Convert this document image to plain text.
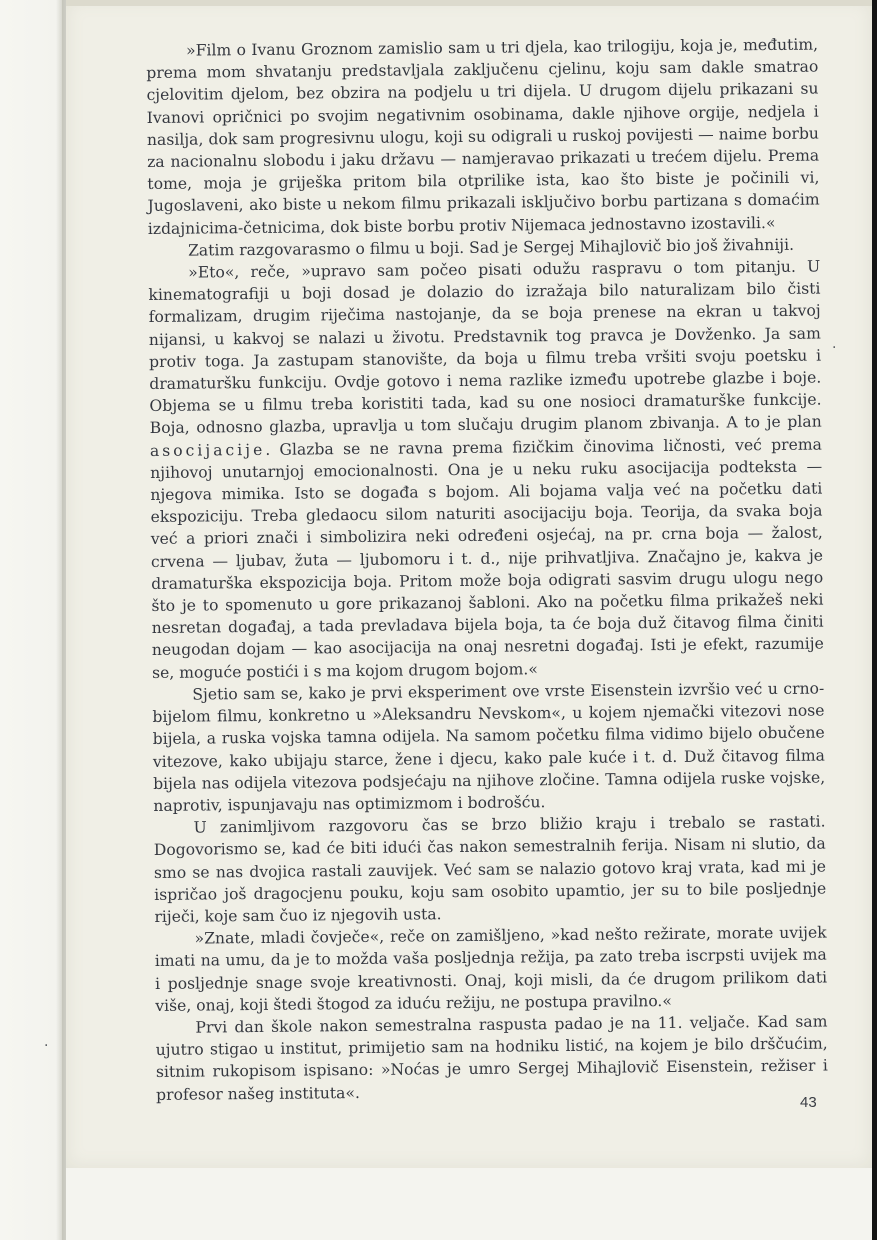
·
·

»Film o Ivanu Groznom zamislio sam u tri djela, kao trilogiju, koja je, međutim, prema mom shvatanju predstavljala zaključenu cjelinu, koju sam dakle smatrao cjelovitim djelom, bez obzira na podjelu u tri dijela. U drugom dijelu prikazani su Ivanovi opričnici po svojim negativnim osobinama, dakle njihove orgije, nedjela i nasilja, dok sam progresivnu ulogu, koji su odigrali u ruskoj povijesti — naime borbu za nacionalnu slobodu i jaku državu — namjeravao prikazati u trećem dijelu. Prema tome, moja je griješka pritom bila otprilike ista, kao što biste je počinili vi, Jugoslaveni, ako biste u nekom filmu prikazali isključivo borbu partizana s domaćim izdajnicima-četnicima, dok biste borbu protiv Nijemaca jednostavno izostavili.«

Zatim razgovarasmo o filmu u boji. Sad je Sergej Mihajlovič bio još živahniji.

»Eto«, reče, »upravo sam počeo pisati odužu raspravu o tom pitanju. U kinematografiji u boji dosad je dolazio do izražaja bilo naturalizam bilo čisti formalizam, drugim riječima nastojanje, da se boja prenese na ekran u takvoj nijansi, u kakvoj se nalazi u životu. Predstavnik tog pravca je Dovženko. Ja sam protiv toga. Ja zastupam stanovište, da boja u filmu treba vršiti svoju poetsku i dramaturšku funkciju. Ovdje gotovo i nema razlike između upotrebe glazbe i boje. Objema se u filmu treba koristiti tada, kad su one nosioci dramaturške funkcije. Boja, odnosno glazba, upravlja u tom slučaju drugim planom zbivanja. A to je plan asocijacije. Glazba se ne ravna prema fizičkim činovima ličnosti, već prema njihovoj unutarnjoj emocionalnosti. Ona je u neku ruku asocijacija podteksta — njegova mimika. Isto se događa s bojom. Ali bojama valja već na početku dati ekspoziciju. Treba gledaocu silom naturiti asocijaciju boja. Teorija, da svaka boja već a priori znači i simbolizira neki određeni osjećaj, na pr. crna boja — žalost, crvena — ljubav, žuta — ljubomoru i t. d., nije prihvatljiva. Značajno je, kakva je dramaturška ekspozicija boja. Pritom može boja odigrati sasvim drugu ulogu nego što je to spomenuto u gore prikazanoj šabloni. Ako na početku filma prikažeš neki nesretan događaj, a tada prevladava bijela boja, ta će boja duž čitavog filma činiti neugodan dojam — kao asocijacija na onaj nesretni događaj. Isti je efekt, razumije se, moguće postići i s ma kojom drugom bojom.«

Sjetio sam se, kako je prvi eksperiment ove vrste Eisenstein izvršio već u crno-bijelom filmu, konkretno u »Aleksandru Nevskom«, u kojem njemački vitezovi nose bijela, a ruska vojska tamna odijela. Na samom početku filma vidimo bijelo obučene vitezove, kako ubijaju starce, žene i djecu, kako pale kuće i t. d. Duž čitavog filma bijela nas odijela vitezova podsjećaju na njihove zločine. Tamna odijela ruske vojske, naprotiv, ispunjavaju nas optimizmom i bodrošću.

U zanimljivom razgovoru čas se brzo bližio kraju i trebalo se rastati. Dogovorismo se, kad će biti idući čas nakon semestralnih ferija. Nisam ni slutio, da smo se nas dvojica rastali zauvijek. Već sam se nalazio gotovo kraj vrata, kad mi je ispričao još dragocjenu pouku, koju sam osobito upamtio, jer su to bile posljednje riječi, koje sam čuo iz njegovih usta.

»Znate, mladi čovječe«, reče on zamišljeno, »kad nešto režirate, morate uvijek imati na umu, da je to možda vaša posljednja režija, pa zato treba iscrpsti uvijek ma i posljednje snage svoje kreativnosti. Onaj, koji misli, da će drugom prilikom dati više, onaj, koji štedi štogod za iduću režiju, ne postupa pravilno.«

Prvi dan škole nakon semestralna raspusta padao je na 11. veljače. Kad sam ujutro stigao u institut, primijetio sam na hodniku listić, na kojem je bilo drščućim, sitnim rukopisom ispisano: »Noćas je umro Sergej Mihajlovič Eisenstein, režiser i profesor našeg instituta«.	43
